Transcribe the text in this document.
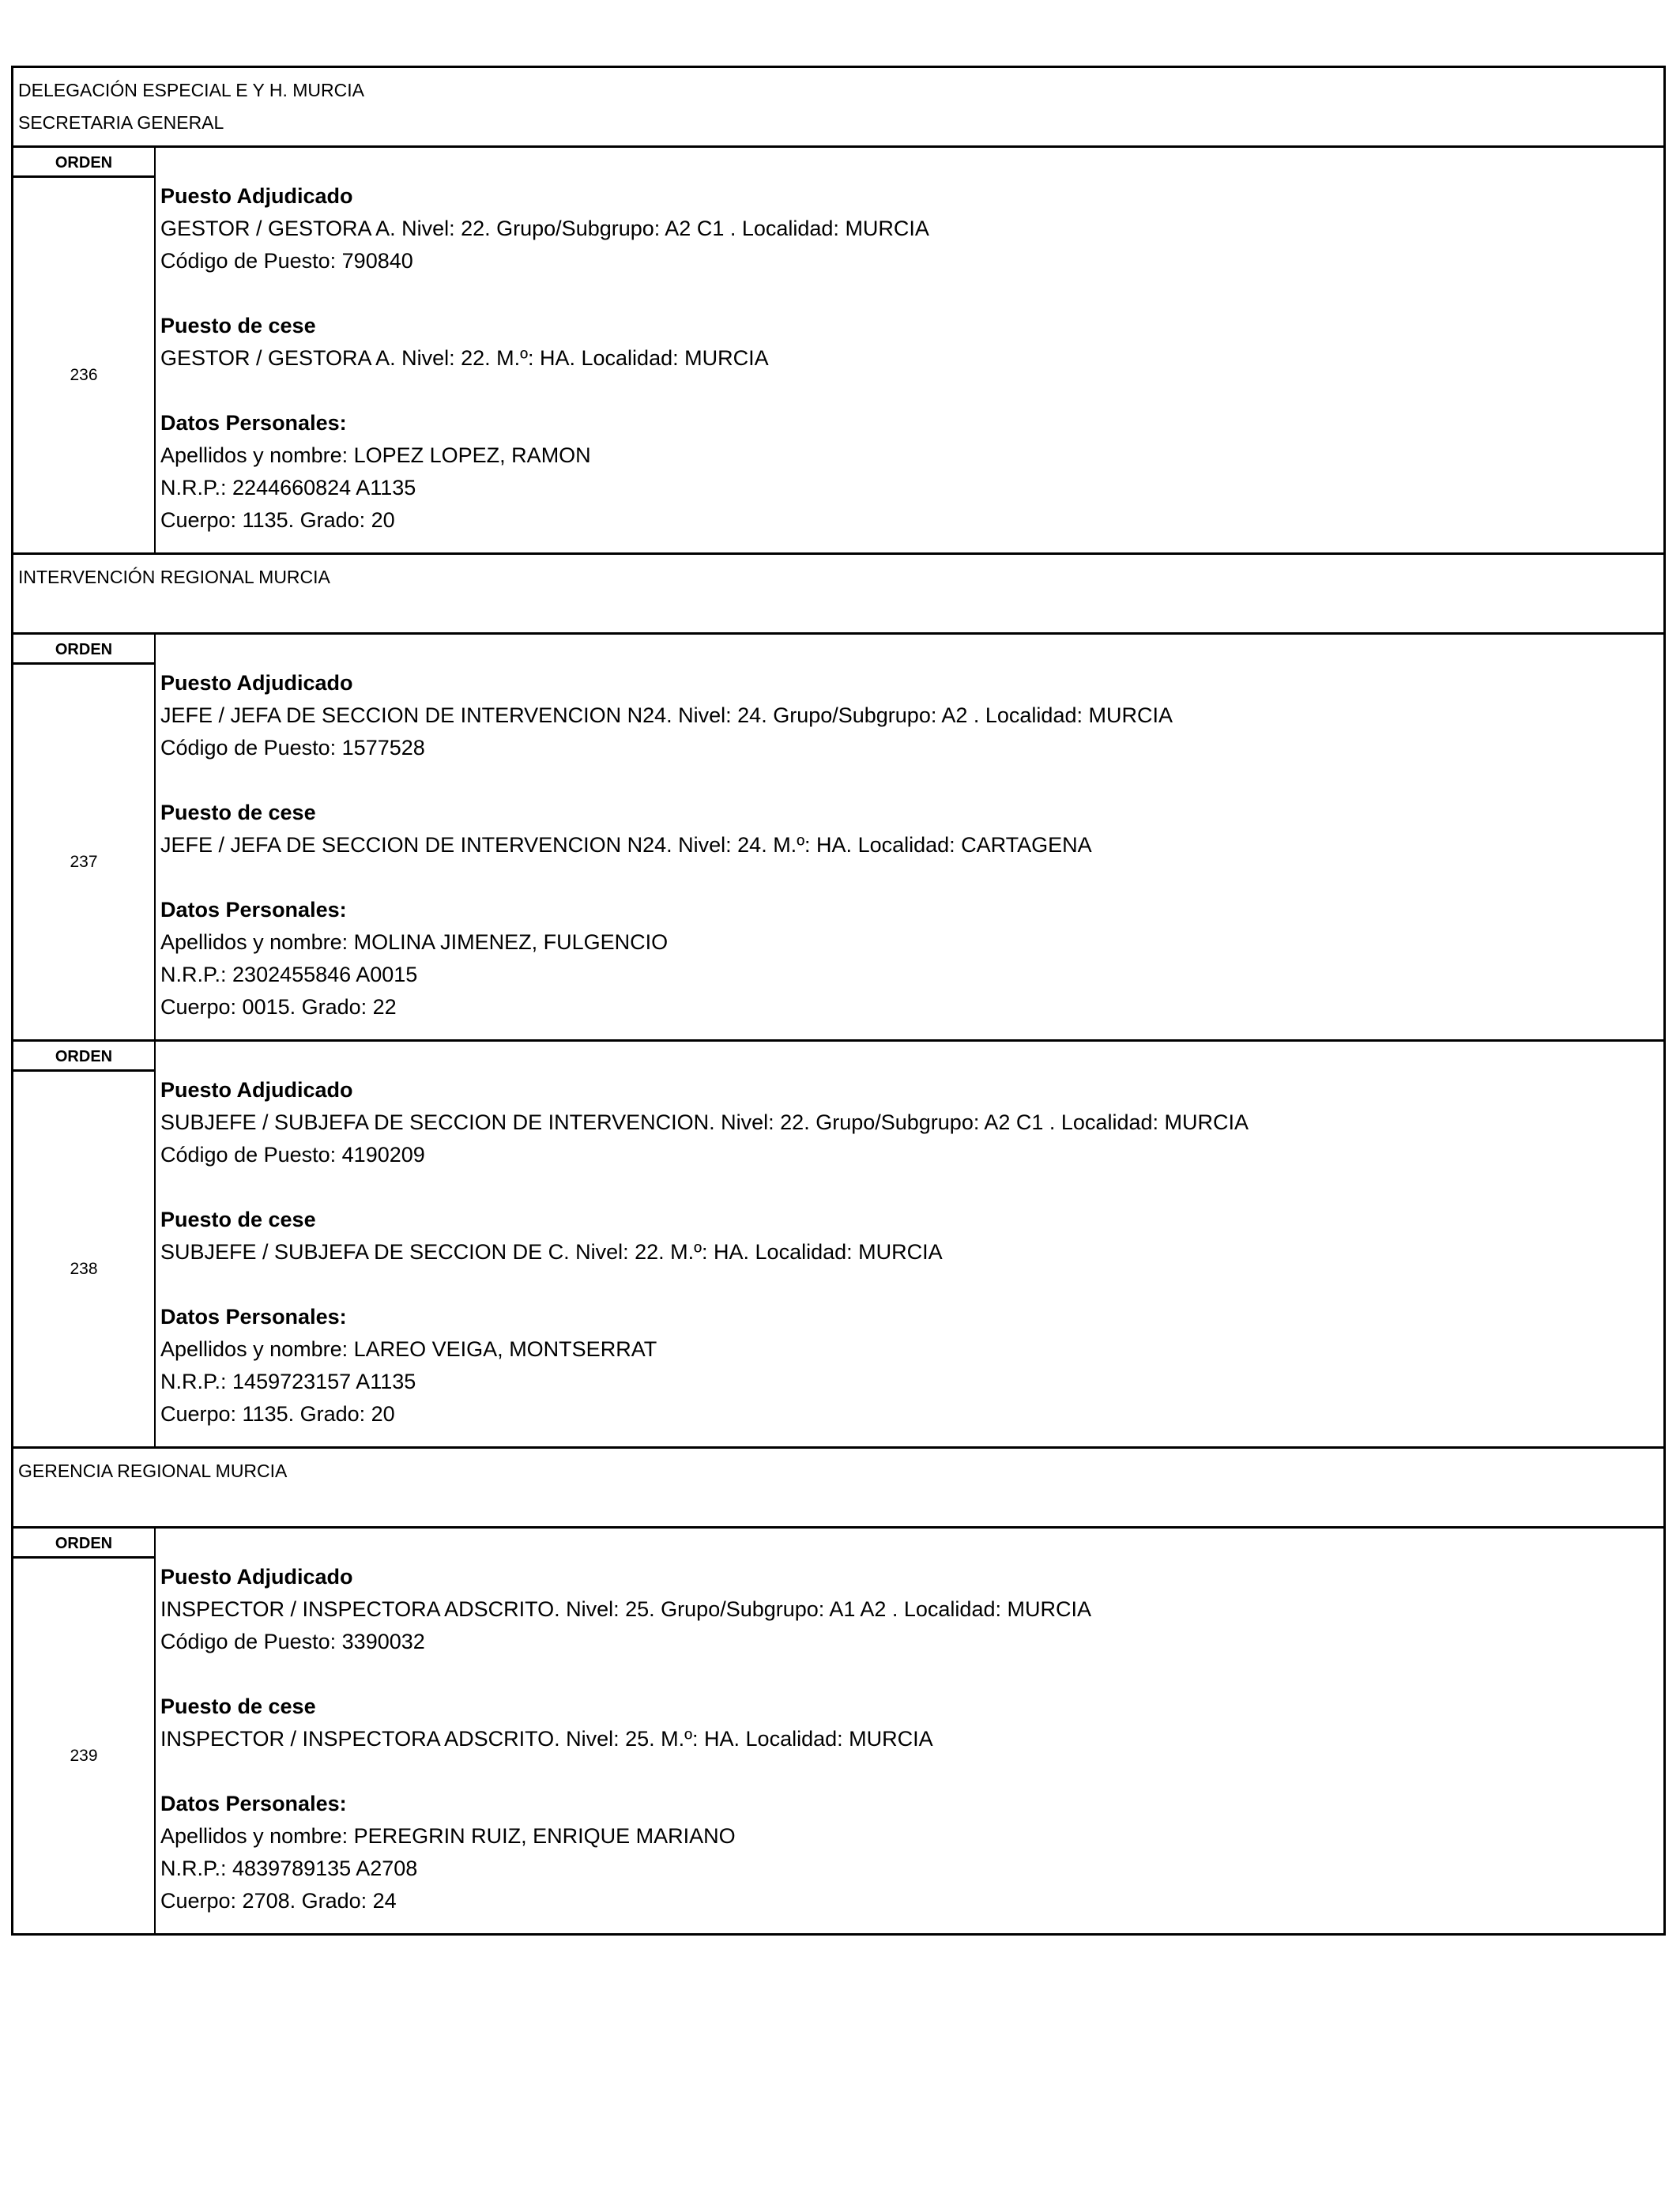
DELEGACIÓN ESPECIAL E Y H. MURCIA
SECRETARIA GENERAL
ORDEN
236
Puesto Adjudicado
GESTOR / GESTORA A. Nivel: 22. Grupo/Subgrupo: A2 C1 . Localidad: MURCIA
Código de Puesto: 790840
Puesto de cese
GESTOR / GESTORA A. Nivel: 22. M.º: HA. Localidad: MURCIA
Datos Personales:
Apellidos y nombre: LOPEZ LOPEZ, RAMON
N.R.P.: 2244660824 A1135
Cuerpo: 1135. Grado: 20
INTERVENCIÓN REGIONAL MURCIA
ORDEN
237
Puesto Adjudicado
JEFE / JEFA DE SECCION DE INTERVENCION N24. Nivel: 24. Grupo/Subgrupo: A2 . Localidad: MURCIA
Código de Puesto: 1577528
Puesto de cese
JEFE / JEFA DE SECCION DE INTERVENCION N24. Nivel: 24. M.º: HA. Localidad: CARTAGENA
Datos Personales:
Apellidos y nombre: MOLINA JIMENEZ, FULGENCIO
N.R.P.: 2302455846 A0015
Cuerpo: 0015. Grado: 22
ORDEN
238
Puesto Adjudicado
SUBJEFE / SUBJEFA DE SECCION DE INTERVENCION. Nivel: 22. Grupo/Subgrupo: A2 C1 . Localidad: MURCIA
Código de Puesto: 4190209
Puesto de cese
SUBJEFE / SUBJEFA DE SECCION DE C. Nivel: 22. M.º: HA. Localidad: MURCIA
Datos Personales:
Apellidos y nombre: LAREO VEIGA, MONTSERRAT
N.R.P.: 1459723157 A1135
Cuerpo: 1135. Grado: 20
GERENCIA REGIONAL MURCIA
ORDEN
239
Puesto Adjudicado
INSPECTOR / INSPECTORA ADSCRITO. Nivel: 25. Grupo/Subgrupo: A1 A2 . Localidad: MURCIA
Código de Puesto: 3390032
Puesto de cese
INSPECTOR / INSPECTORA ADSCRITO. Nivel: 25. M.º: HA. Localidad: MURCIA
Datos Personales:
Apellidos y nombre: PEREGRIN RUIZ, ENRIQUE MARIANO
N.R.P.: 4839789135 A2708
Cuerpo: 2708. Grado: 24
